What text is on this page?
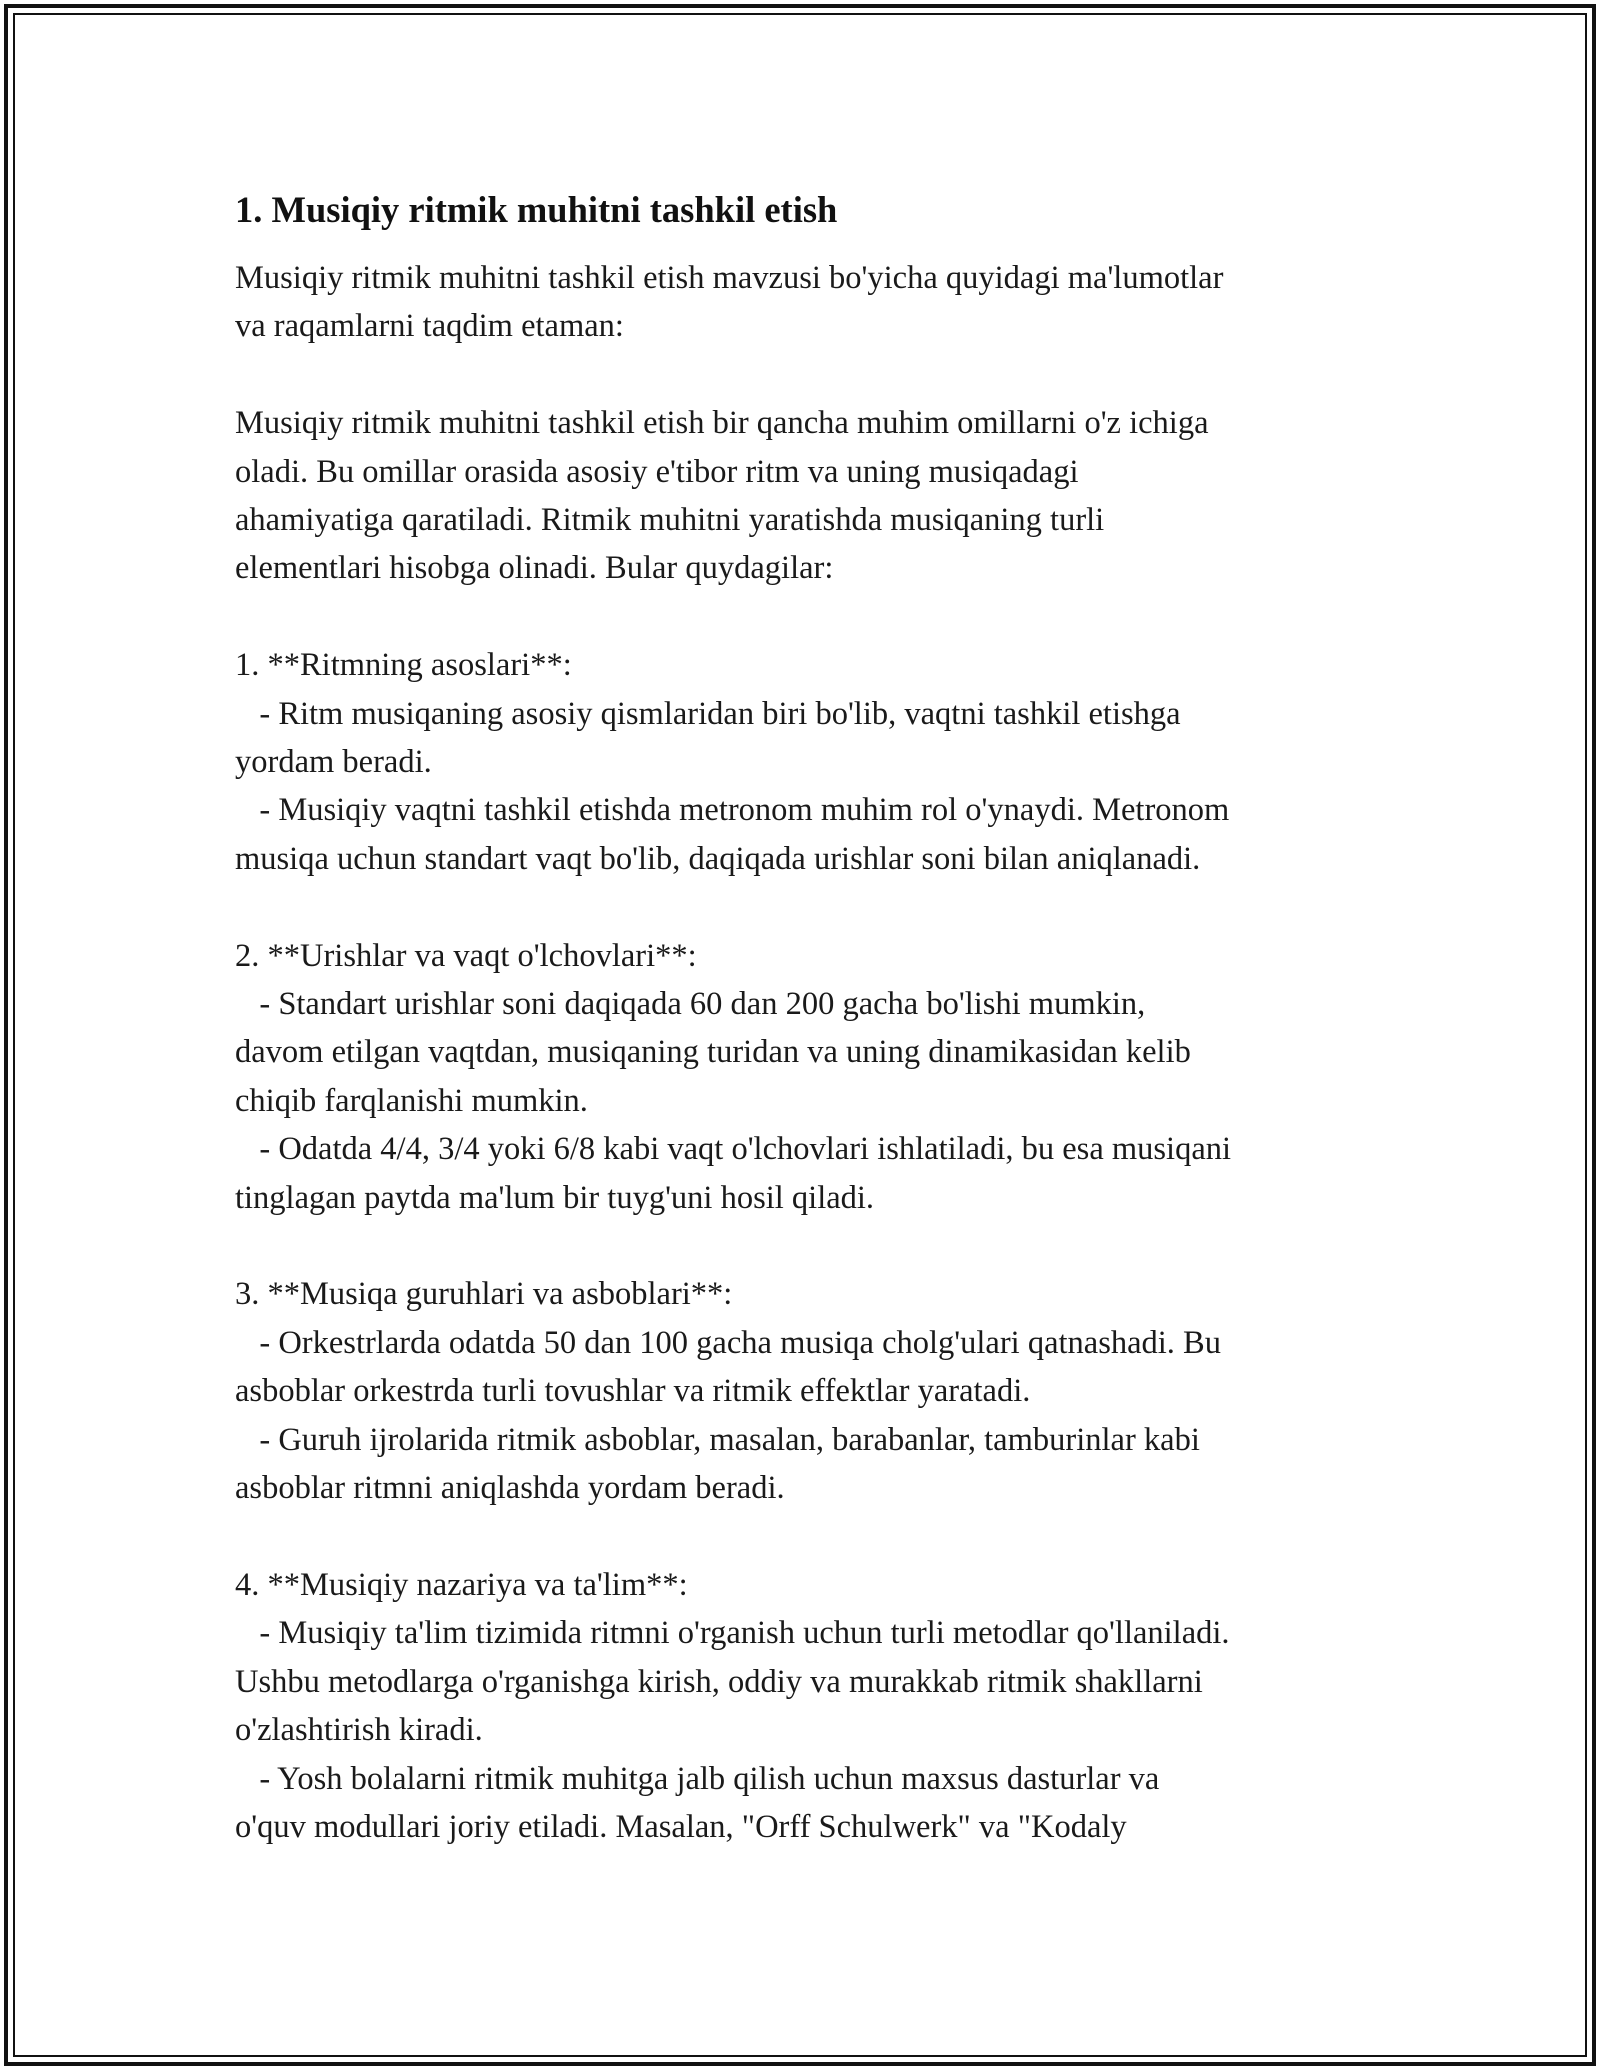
1. Musiqiy ritmik muhitni tashkil etish
Musiqiy ritmik muhitni tashkil etish mavzusi bo'yicha quyidagi ma'lumotlar
va raqamlarni taqdim etaman:
Musiqiy ritmik muhitni tashkil etish bir qancha muhim omillarni o'z ichiga
oladi. Bu omillar orasida asosiy e'tibor ritm va uning musiqadagi
ahamiyatiga qaratiladi. Ritmik muhitni yaratishda musiqaning turli
elementlari hisobga olinadi. Bular quydagilar:
1. **Ritmning asoslari**:
- Ritm musiqaning asosiy qismlaridan biri bo'lib, vaqtni tashkil etishga
yordam beradi.
- Musiqiy vaqtni tashkil etishda metronom muhim rol o'ynaydi. Metronom
musiqa uchun standart vaqt bo'lib, daqiqada urishlar soni bilan aniqlanadi.
2. **Urishlar va vaqt o'lchovlari**:
- Standart urishlar soni daqiqada 60 dan 200 gacha bo'lishi mumkin,
davom etilgan vaqtdan, musiqaning turidan va uning dinamikasidan kelib
chiqib farqlanishi mumkin.
- Odatda 4/4, 3/4 yoki 6/8 kabi vaqt o'lchovlari ishlatiladi, bu esa musiqani
tinglagan paytda ma'lum bir tuyg'uni hosil qiladi.
3. **Musiqa guruhlari va asboblari**:
- Orkestrlarda odatda 50 dan 100 gacha musiqa cholg'ulari qatnashadi. Bu
asboblar orkestrda turli tovushlar va ritmik effektlar yaratadi.
- Guruh ijrolarida ritmik asboblar, masalan, barabanlar, tamburinlar kabi
asboblar ritmni aniqlashda yordam beradi.
4. **Musiqiy nazariya va ta'lim**:
- Musiqiy ta'lim tizimida ritmni o'rganish uchun turli metodlar qo'llaniladi.
Ushbu metodlarga o'rganishga kirish, oddiy va murakkab ritmik shakllarni
o'zlashtirish kiradi.
- Yosh bolalarni ritmik muhitga jalb qilish uchun maxsus dasturlar va
o'quv modullari joriy etiladi. Masalan, "Orff Schulwerk" va "Kodaly
